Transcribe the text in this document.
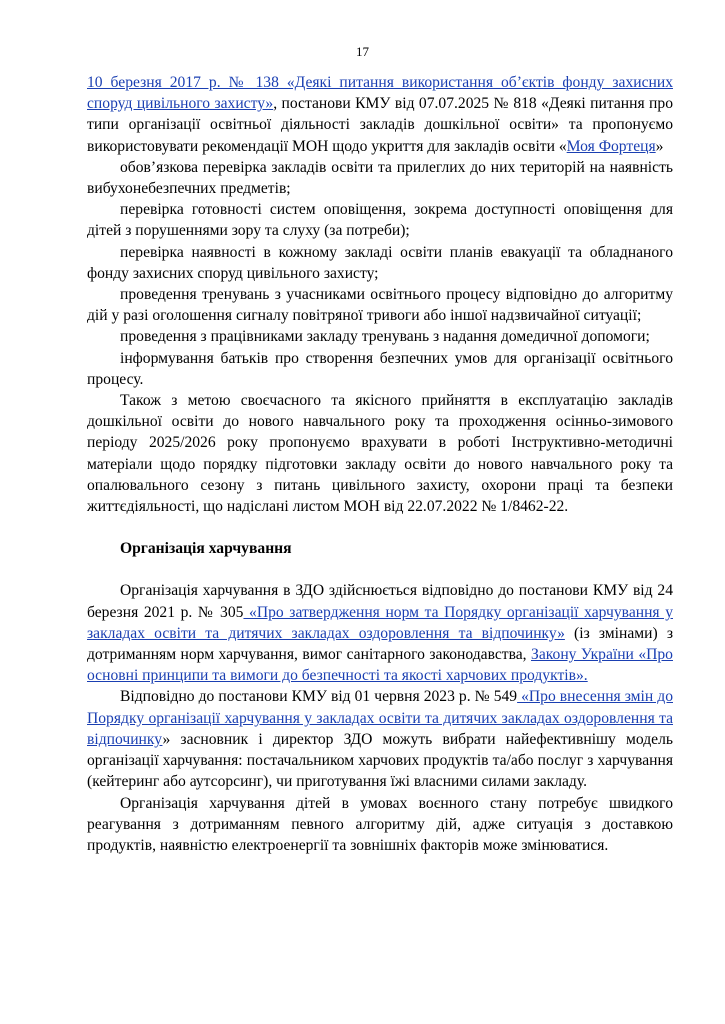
17

10 березня 2017 р. № 138 «Деякі питання використання об’єктів фонду захисних споруд цивільного захисту», постанови КМУ від 07.07.2025 № 818 «Деякі питання про типи організації освітньої діяльності закладів дошкільної освіти» та пропонуємо використовувати рекомендації МОН щодо укриття для закладів освіти «Моя Фортеця»

обов’язкова перевірка закладів освіти та прилеглих до них територій на наявність вибухонебезпечних предметів;

перевірка готовності систем оповіщення, зокрема доступності оповіщення для дітей з порушеннями зору та слуху (за потреби);

перевірка наявності в кожному закладі освіти планів евакуації та обладнаного фонду захисних споруд цивільного захисту;

проведення тренувань з учасниками освітнього процесу відповідно до алгоритму дій у разі оголошення сигналу повітряної тривоги або іншої надзвичайної ситуації;

проведення з працівниками закладу тренувань з надання домедичної допомоги;

інформування батьків про створення безпечних умов для організації освітнього процесу.

Також з метою своєчасного та якісного прийняття в експлуатацію закладів дошкільної освіти до нового навчального року та проходження осінньо-зимового періоду 2025/2026 року пропонуємо врахувати в роботі Інструктивно-методичні матеріали щодо порядку підготовки закладу освіти до нового навчального року та опалювального сезону з питань цивільного захисту, охорони праці та безпеки життєдіяльності, що надіслані листом МОН від 22.07.2022 № 1/8462-22.

Організація харчування

Організація харчування в ЗДО здійснюється відповідно до постанови КМУ від 24 березня 2021 р. № 305 «Про затвердження норм та Порядку організації харчування у закладах освіти та дитячих закладах оздоровлення та відпочинку» (із змінами) з дотриманням норм харчування, вимог санітарного законодавства, Закону України «Про основні принципи та вимоги до безпечності та якості харчових продуктів».

Відповідно до постанови КМУ від 01 червня 2023 р. № 549 «Про внесення змін до Порядку організації харчування у закладах освіти та дитячих закладах оздоровлення та відпочинку» засновник і директор ЗДО можуть вибрати найефективнішу модель організації харчування: постачальником харчових продуктів та/або послуг з харчування (кейтеринг або аутсорсинг), чи приготування їжі власними силами закладу.

Організація харчування дітей в умовах воєнного стану потребує швидкого реагування з дотриманням певного алгоритму дій, адже ситуація з доставкою продуктів, наявністю електроенергії та зовнішніх факторів може змінюватися.
